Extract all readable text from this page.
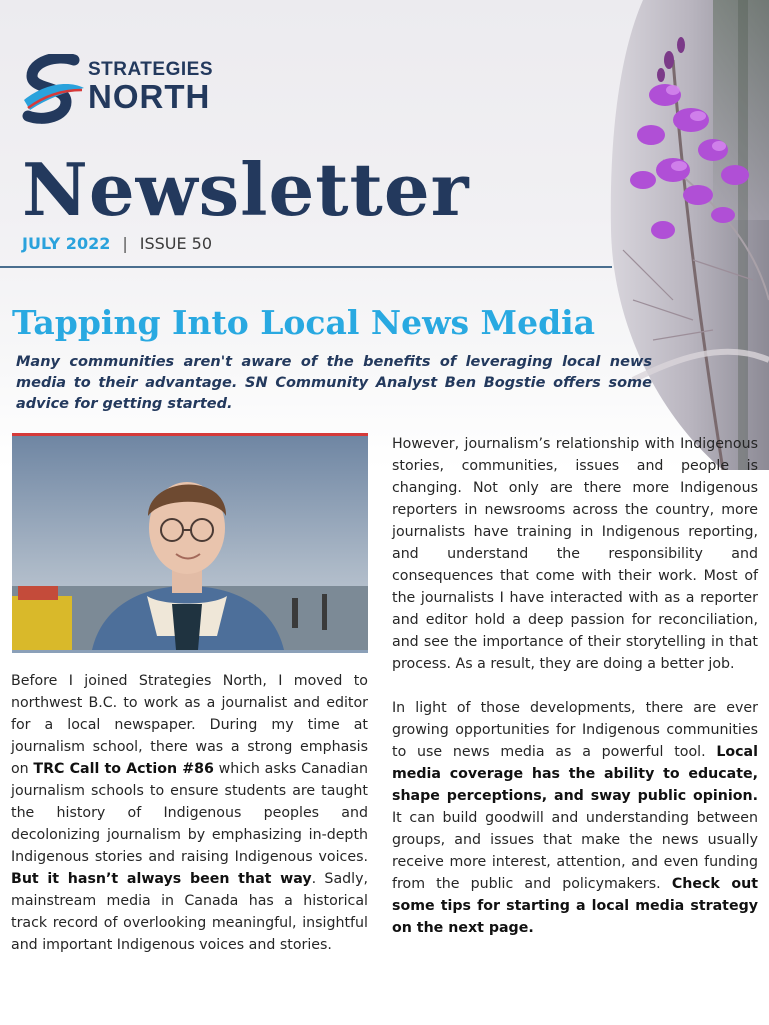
STRATEGIES
NORTH
Newsletter
JULY 2022 | ISSUE 50
Tapping Into Local News Media

Many communities aren't aware of the benefits of leveraging local news media to their advantage. SN Community Analyst Ben Bogstie offers some advice for getting started.

Before I joined Strategies North, I moved to northwest B.C. to work as a journalist and editor for a local newspaper. During my time at journalism school, there was a strong emphasis on TRC Call to Action #86 which asks Canadian journalism schools to ensure students are taught the history of Indigenous peoples and decolonizing journalism by emphasizing in-depth Indigenous stories and raising Indigenous voices. But it hasn’t always been that way. Sadly, mainstream media in Canada has a historical track record of overlooking meaningful, insightful and important Indigenous voices and stories.

However, journalism’s relationship with Indigenous stories, communities, issues and people is changing. Not only are there more Indigenous reporters in newsrooms across the country, more journalists have training in Indigenous reporting, and understand the responsibility and consequences that come with their work. Most of the journalists I have interacted with as a reporter and editor hold a deep passion for reconciliation, and see the importance of their storytelling in that process. As a result, they are doing a better job.

In light of those developments, there are ever growing opportunities for Indigenous communities to use news media as a powerful tool. Local media coverage has the ability to educate, shape perceptions, and sway public opinion. It can build goodwill and understanding between groups, and issues that make the news usually receive more interest, attention, and even funding from the public and policymakers. Check out some tips for starting a local media strategy on the next page.
